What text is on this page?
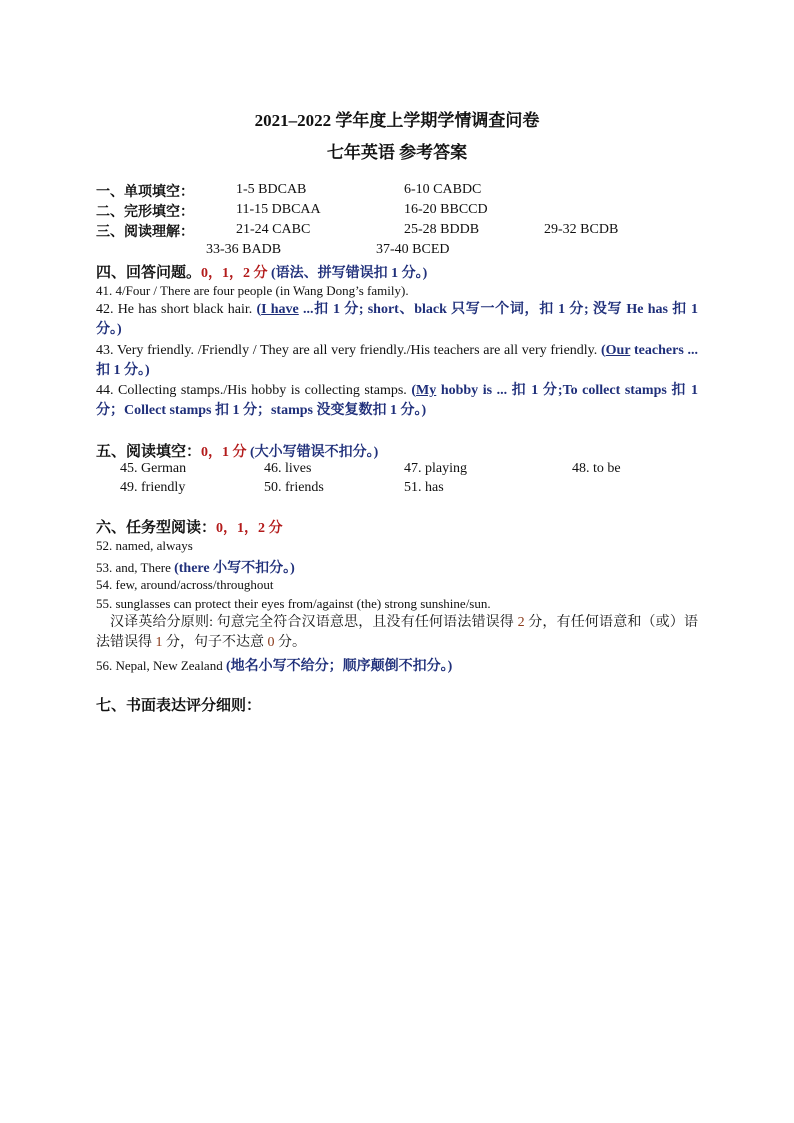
2021–2022 学年度上学期学情调查问卷
七年英语 参考答案
一、单项填空：	1-5 BDCAB	6-10 CABDC
二、完形填空：	11-15 DBCAA	16-20 BBCCD
三、阅读理解：	21-24 CABC	25-28 BDDB	29-32 BCDB
33-36 BADB	37-40 BCED
四、回答问题。0，1，2 分 (语法、拼写错误扣 1 分。)
41. 4/Four / There are four people (in Wang Dong’s family).
42. He has short black hair. (I have ...扣 1 分; short、black 只写一个词，扣 1 分; 没写 He has 扣 1 分。)
43. Very friendly. /Friendly / They are all very friendly./His teachers are all very friendly. (Our teachers ... 扣 1 分。)
44. Collecting stamps./His hobby is collecting stamps. (My hobby is ... 扣 1 分;To collect stamps 扣 1 分；Collect stamps 扣 1 分；stamps 没变复数扣 1 分。)
五、阅读填空：0，1 分 (大小写错误不扣分。)
45. German	46. lives	47. playing	48. to be
49. friendly	50. friends	51. has
六、任务型阅读：0，1，2 分
52. named, always
53. and, There (there 小写不扣分。)
54. few, around/across/throughout
55. sunglasses can protect their eyes from/against (the) strong sunshine/sun.
汉译英给分原则: 句意完全符合汉语意思，且没有任何语法错误得 2 分，有任何语意和（或）语法错误得 1 分，句子不达意 0 分。
56. Nepal, New Zealand (地名小写不给分；顺序颠倒不扣分。)
七、书面表达评分细则：
